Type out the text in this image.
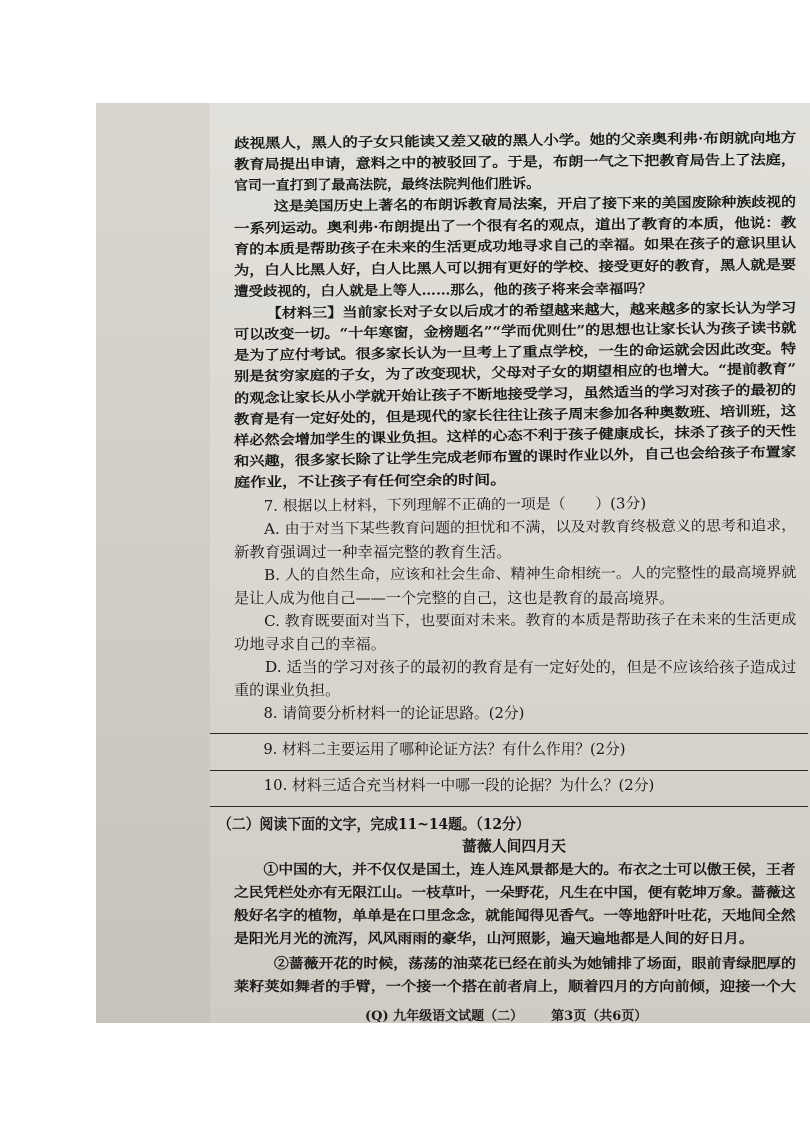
歧视黑人，黑人的子女只能读又差又破的黑人小学。她的父亲奥利弗·布朗就向地方
教育局提出申请，意料之中的被驳回了。于是，布朗一气之下把教育局告上了法庭，
官司一直打到了最高法院，最终法院判他们胜诉。
　　这是美国历史上著名的布朗诉教育局法案，开启了接下来的美国废除种族歧视的
一系列运动。奥利弗·布朗提出了一个很有名的观点，道出了教育的本质，他说：教
育的本质是帮助孩子在未来的生活更成功地寻求自己的幸福。如果在孩子的意识里认
为，白人比黑人好，白人比黑人可以拥有更好的学校、接受更好的教育，黑人就是要
遭受歧视的，白人就是上等人……那么，他的孩子将来会幸福吗？
　　【材料三】当前家长对子女以后成才的希望越来越大，越来越多的家长认为学习
可以改变一切。“十年寒窗，金榜题名”“学而优则仕”的思想也让家长认为孩子读书就
是为了应付考试。很多家长认为一旦考上了重点学校，一生的命运就会因此改变。特
别是贫穷家庭的子女，为了改变现状，父母对子女的期望相应的也增大。“提前教育”
的观念让家长从小学就开始让孩子不断地接受学习，虽然适当的学习对孩子的最初的
教育是有一定好处的，但是现代的家长往往让孩子周末参加各种奥数班、培训班，这
样必然会增加学生的课业负担。这样的心态不利于孩子健康成长，抹杀了孩子的天性
和兴趣，很多家长除了让学生完成老师布置的课时作业以外，自己也会给孩子布置家
庭作业，不让孩子有任何空余的时间。
　　7. 根据以上材料，下列理解不正确的一项是（　　）(3分)
　　A. 由于对当下某些教育问题的担忧和不满，以及对教育终极意义的思考和追求，
新教育强调过一种幸福完整的教育生活。
　　B. 人的自然生命，应该和社会生命、精神生命相统一。人的完整性的最高境界就
是让人成为他自己——一个完整的自己，这也是教育的最高境界。
　　C. 教育既要面对当下，也要面对未来。教育的本质是帮助孩子在未来的生活更成
功地寻求自己的幸福。
　　D. 适当的学习对孩子的最初的教育是有一定好处的，但是不应该给孩子造成过
重的课业负担。
　　8. 请简要分析材料一的论证思路。(2分)
　　9. 材料二主要运用了哪种论证方法？有什么作用？(2分)
　　10. 材料三适合充当材料一中哪一段的论据？为什么？(2分)
（二）阅读下面的文字，完成11~14题。（12分）
蔷薇人间四月天
　　①中国的大，并不仅仅是国土，连人连风景都是大的。布衣之士可以傲王侯，王者
之民凭栏处亦有无限江山。一枝草叶，一朵野花，凡生在中国，便有乾坤万象。蔷薇这
般好名字的植物，单单是在口里念念，就能闻得见香气。一等地舒叶吐花，天地间全然
是阳光月光的流泻，风风雨雨的豪华，山河照影，遍天遍地都是人间的好日月。
　　②蔷薇开花的时候，荡荡的油菜花已经在前头为她铺排了场面，眼前青绿肥厚的
莱籽荚如舞者的手臂，一个接一个搭在前者肩上，顺着四月的方向前倾，迎接一个大
(Q) 九年级语文试题（二） 第3页（共6页）
